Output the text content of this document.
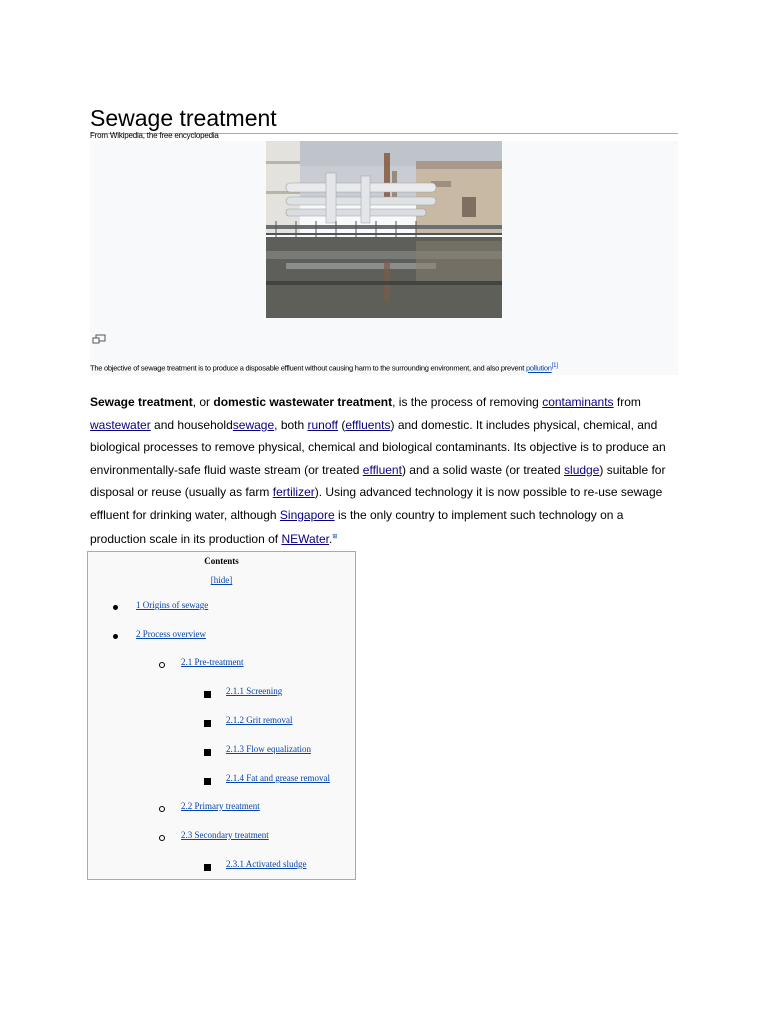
Sewage treatment
From Wikipedia, the free encyclopedia
The objective of sewage treatment is to produce a disposable effluent without causing harm to the surrounding environment, and also prevent pollution[1]

Sewage treatment, or domestic wastewater treatment, is the process of removing contaminants from wastewater and householdsewage, both runoff (effluents) and domestic. It includes physical, chemical, and biological processes to remove physical, chemical and biological contaminants. Its objective is to produce an environmentally-safe fluid waste stream (or treated effluent) and a solid waste (or treated sludge) suitable for disposal or reuse (usually as farm fertilizer). Using advanced technology it is now possible to re-use sewage effluent for drinking water, although Singapore is the only country to implement such technology on a production scale in its production of NEWater.⊞

Contents
[hide]
1 Origins of sewage
2 Process overview
2.1 Pre-treatment
2.1.1 Screening
2.1.2 Grit removal
2.1.3 Flow equalization
2.1.4 Fat and grease removal
2.2 Primary treatment
2.3 Secondary treatment
2.3.1 Activated sludge
